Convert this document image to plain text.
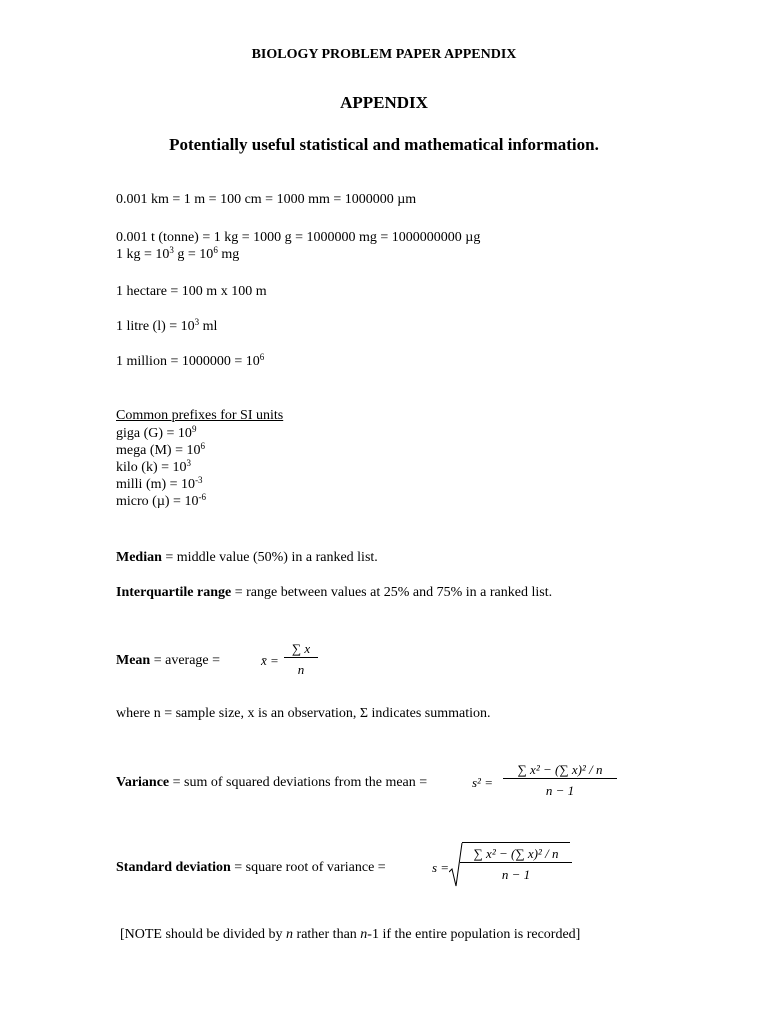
BIOLOGY PROBLEM PAPER APPENDIX
APPENDIX
Potentially useful statistical and mathematical information.
0.001 km = 1 m = 100 cm = 1000 mm = 1000000 µm
0.001 t (tonne) = 1 kg = 1000 g = 1000000 mg = 1000000000 µg
1 kg = $10^3$ $g = 10^6$ mg
1 hectare = 100 m x 100 m
1 litre $(l) = 10^3$ ml
1 million = $1000000 = 10^6$
Common prefixes for SI units
giga $(G) = 10^9$
mega $(M) = 10^6$
kilo $(k) = 10^3$
milli $(m) = 10^{-3}$
micro $(\mu) = 10^{-6}$
Median = middle value (50%) in a ranked list.
Interquartile range = range between values at 25% and 75% in a ranked list.
Mean = average =	x̄ = $\frac{\sum x}{n}$
where n = sample size, x is an observation, Σ indicates summation.
Variance = sum of squared deviations from the mean =	$s^2 = \frac{\text{∑ x² − (∑ x)² / n}}{n - 1}$
Standard deviation = square root of variance =	$s = \frac{\text{∑ x² − (∑ x)² / n}}{n - 1}$
[NOTE should be divided by n rather than n-1 if the entire population is recorded]
